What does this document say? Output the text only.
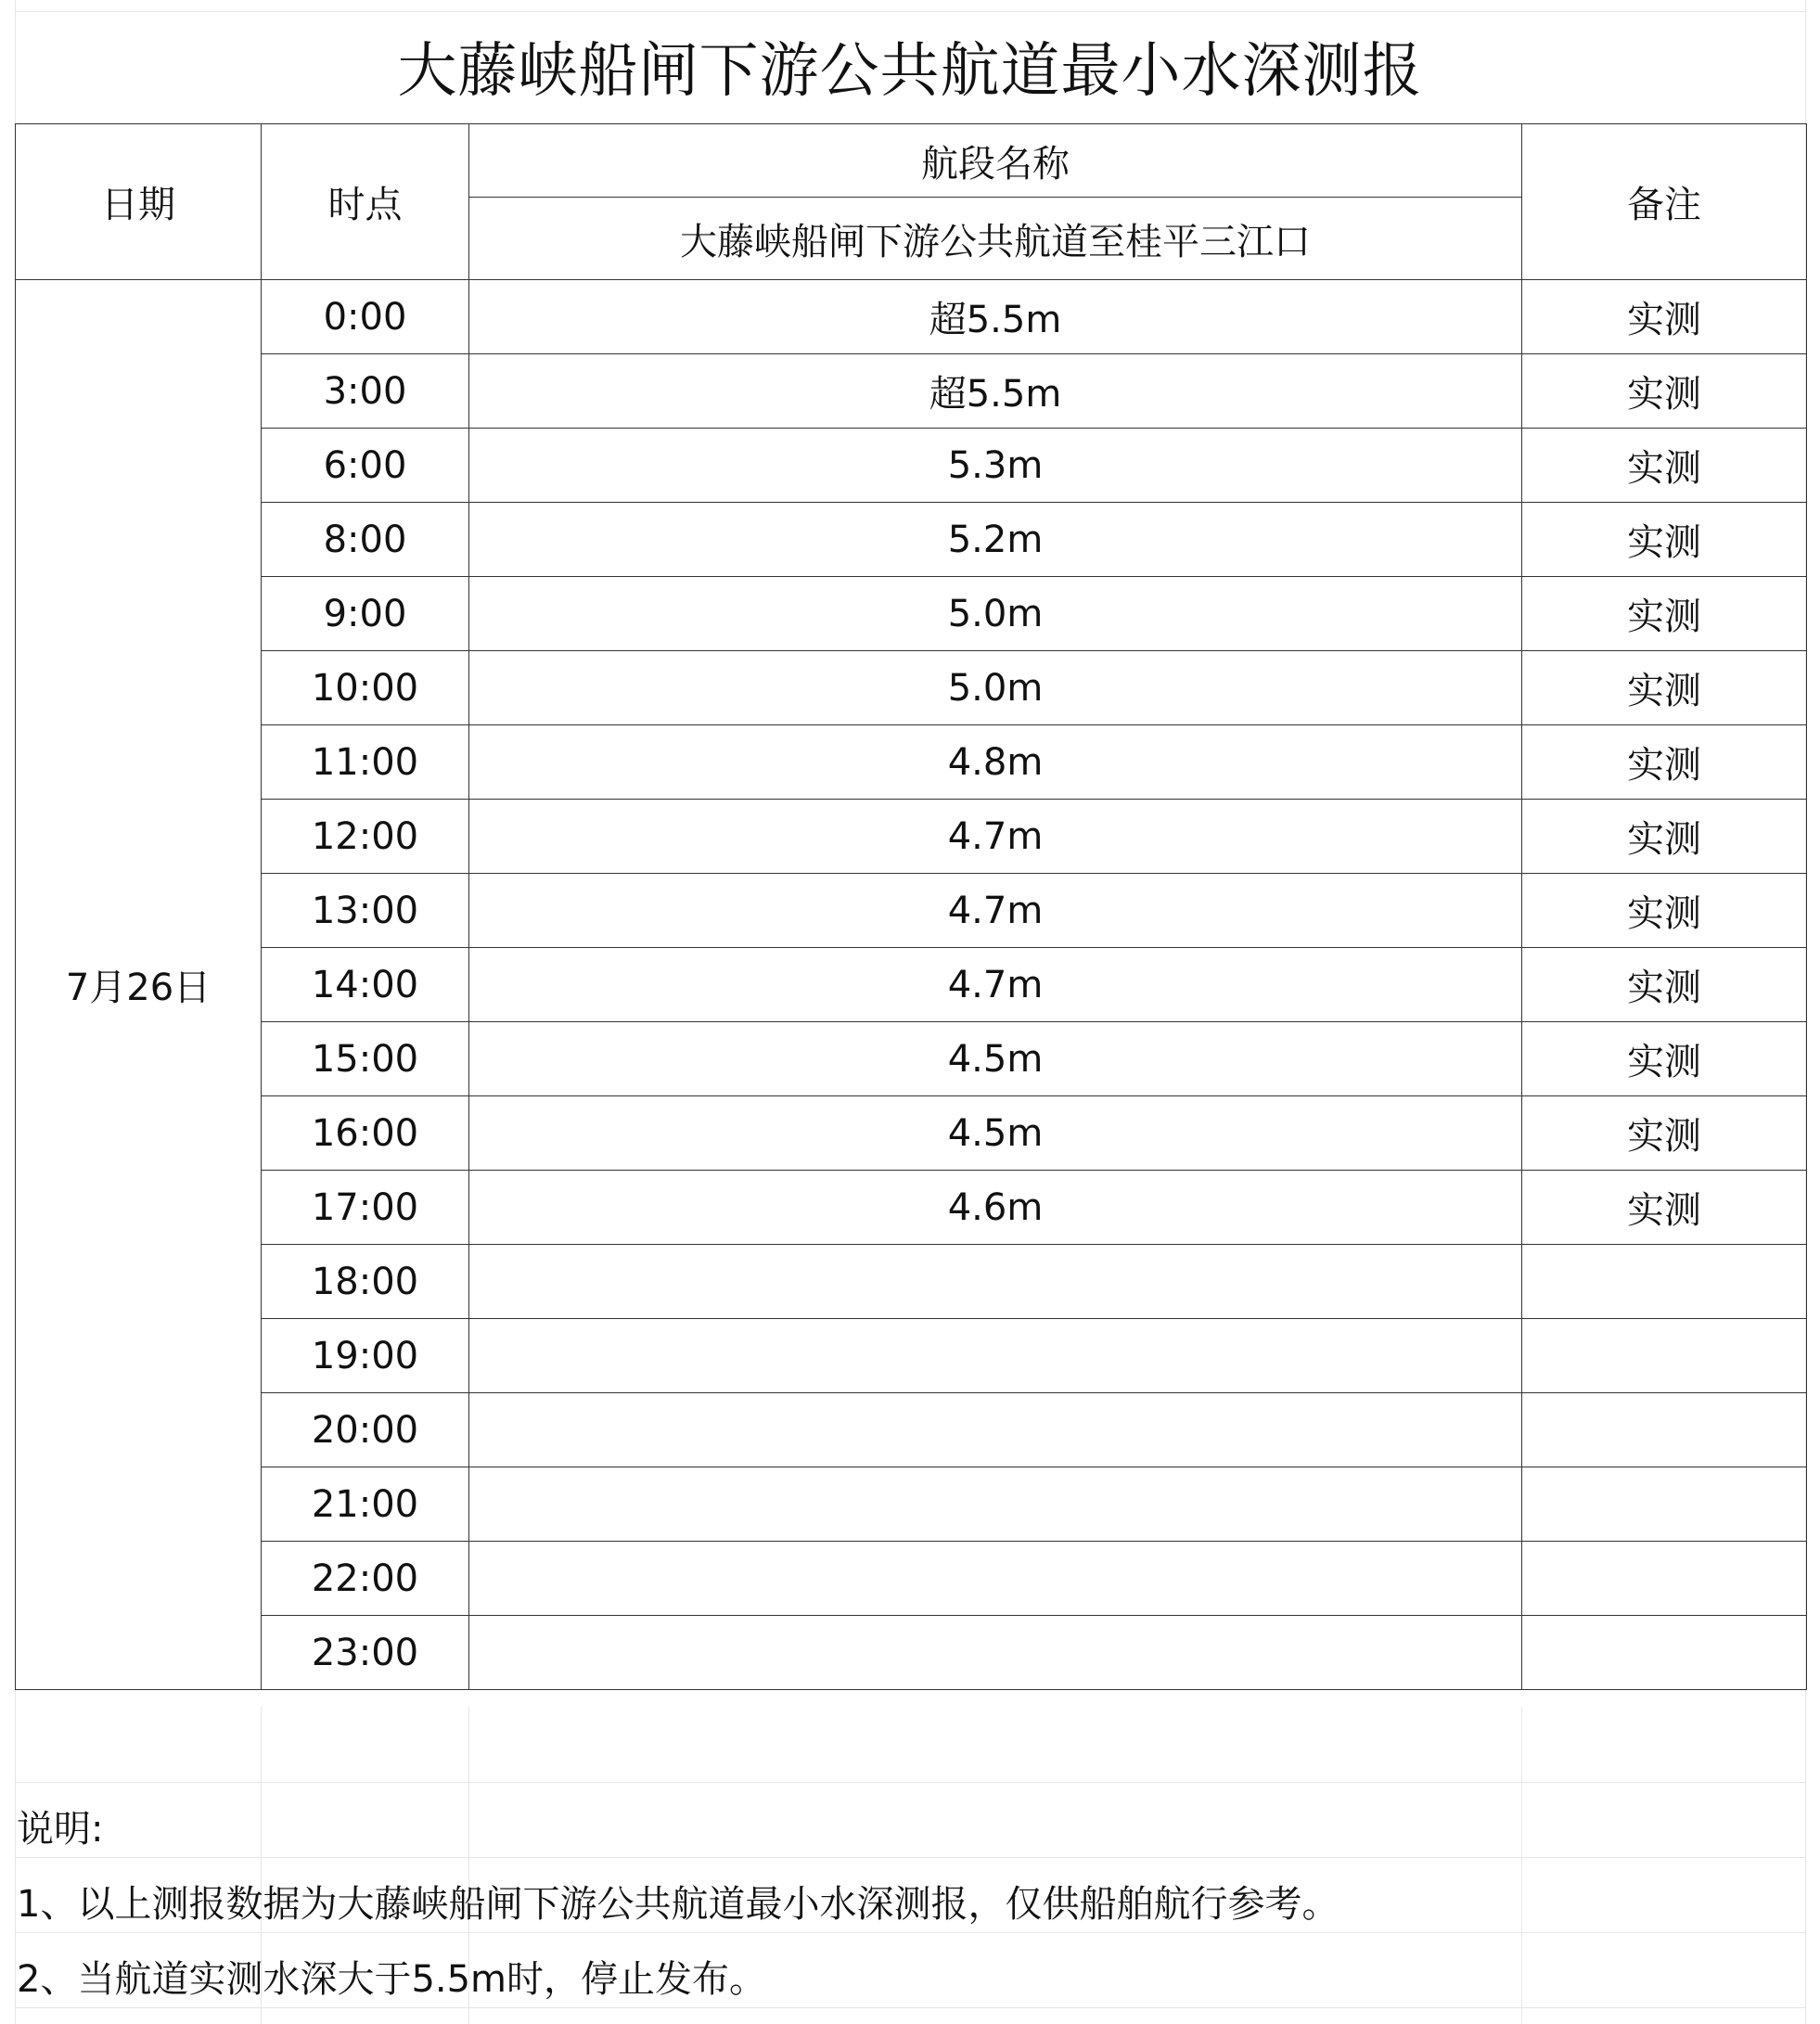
大藤峡船闸下游公共航道最小水深测报
日期	时点	航段名称	备注
		大藤峡船闸下游公共航道至桂平三江口	
7月26日	0:00	超5.5m	实测
	3:00	超5.5m	实测
	6:00	5.3m	实测
	8:00	5.2m	实测
	9:00	5.0m	实测
	10:00	5.0m	实测
	11:00	4.8m	实测
	12:00	4.7m	实测
	13:00	4.7m	实测
	14:00	4.7m	实测
	15:00	4.5m	实测
	16:00	4.5m	实测
	17:00	4.6m	实测
	18:00		
	19:00		
	20:00		
	21:00		
	22:00		
	23:00		
说明:
1、以上测报数据为大藤峡船闸下游公共航道最小水深测报，仅供船舶航行参考。
2、当航道实测水深大于5.5m时，停止发布。
